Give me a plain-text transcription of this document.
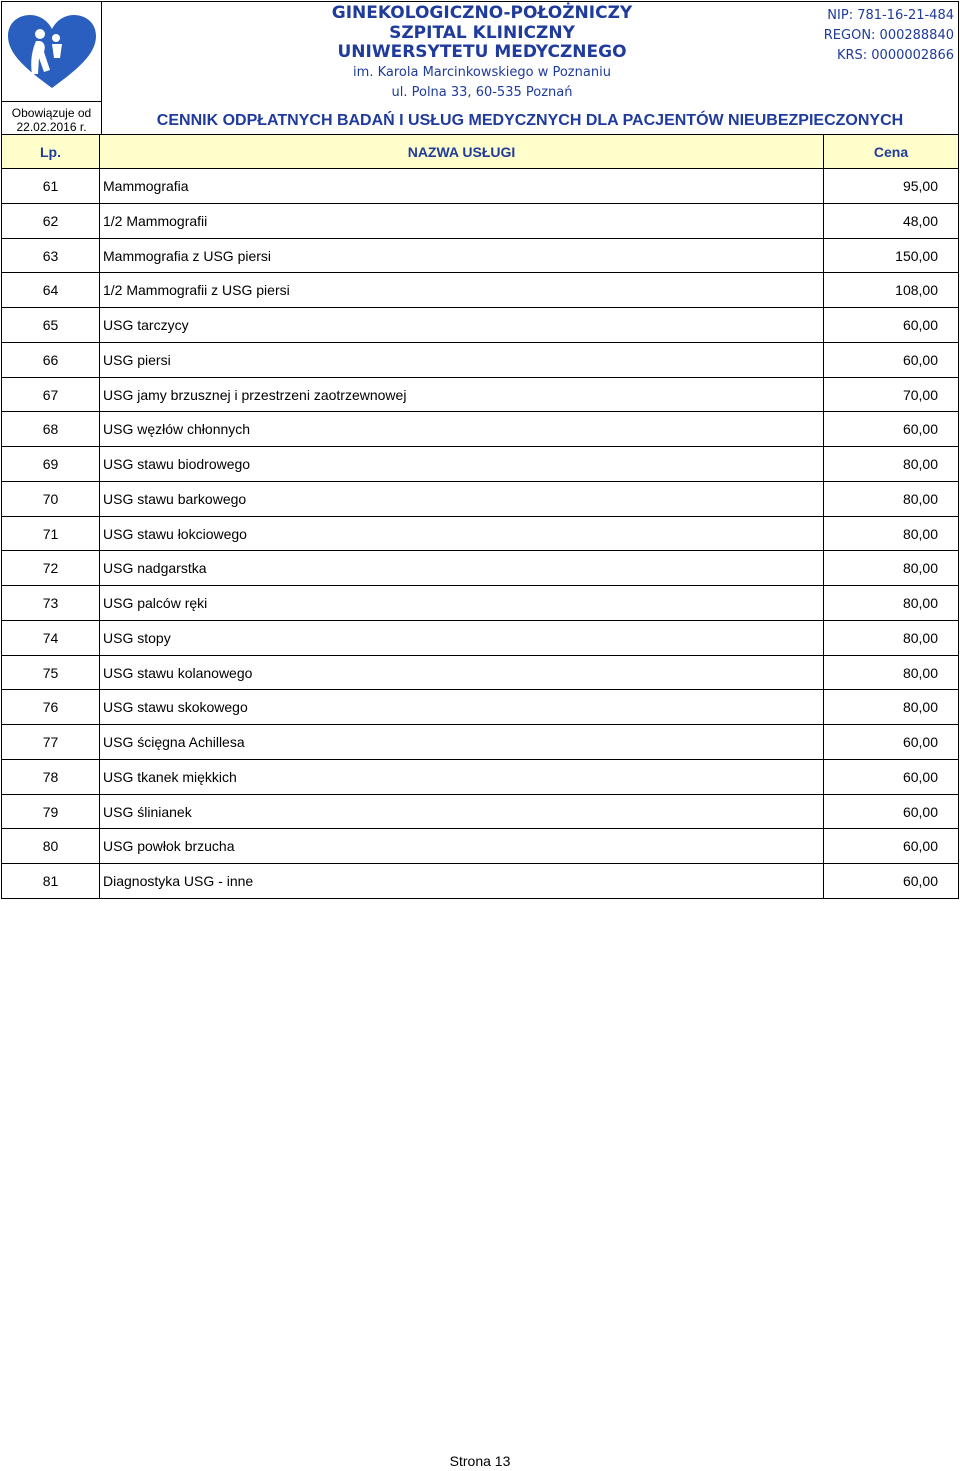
Obowiązuje od
22.02.2016 r.
GINEKOLOGICZNO-POŁOŻNICZY
SZPITAL KLINICZNY
UNIWERSYTETU MEDYCZNEGO
im. Karola Marcinkowskiego w Poznaniu
ul. Polna 33, 60-535 Poznań
NIP: 781-16-21-484
REGON: 000288840
KRS: 0000002866
CENNIK ODPŁATNYCH BADAŃ I USŁUG MEDYCZNYCH DLA PACJENTÓW NIEUBEZPIECZONYCH
Lp.	NAZWA USŁUGI	Cena
61	Mammografia	95,00
62	1/2 Mammografii	48,00
63	Mammografia z USG piersi	150,00
64	1/2 Mammografii z USG piersi	108,00
65	USG tarczycy	60,00
66	USG piersi	60,00
67	USG jamy brzusznej i przestrzeni zaotrzewnowej	70,00
68	USG węzłów chłonnych	60,00
69	USG stawu biodrowego	80,00
70	USG stawu barkowego	80,00
71	USG stawu łokciowego	80,00
72	USG nadgarstka	80,00
73	USG palców ręki	80,00
74	USG stopy	80,00
75	USG stawu kolanowego	80,00
76	USG stawu skokowego	80,00
77	USG ścięgna Achillesa	60,00
78	USG tkanek miękkich	60,00
79	USG ślinianek	60,00
80	USG powłok brzucha	60,00
81	Diagnostyka USG - inne	60,00
Strona 13
